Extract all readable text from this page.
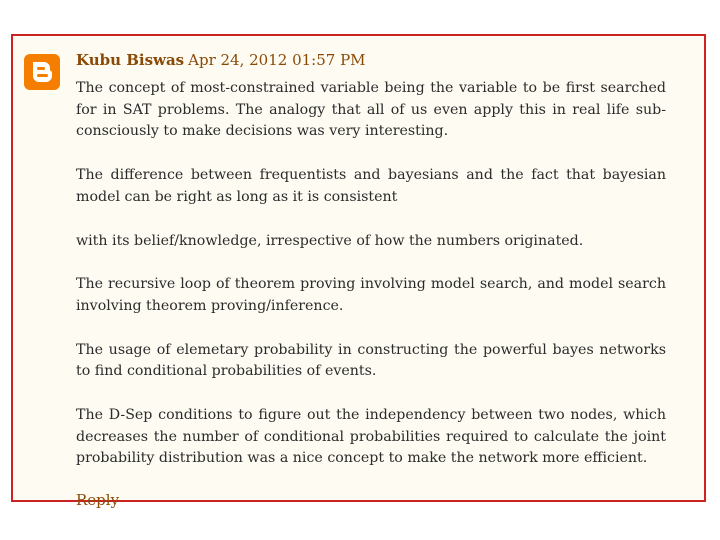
Kubu Biswas Apr 24, 2012 01:57 PM

The concept of most-constrained variable being the variable to be first searched for in SAT problems. The analogy that all of us even apply this in real life sub-consciously to make decisions was very interesting.

The difference between frequentists and bayesians and the fact that bayesian model can be right as long as it is consistent

with its belief/knowledge, irrespective of how the numbers originated.

The recursive loop of theorem proving involving model search, and model search involving theorem proving/inference.

The usage of elemetary probability in constructing the powerful bayes networks to find conditional probabilities of events.

The D-Sep conditions to figure out the independency between two nodes, which decreases the number of conditional probabilities required to calculate the joint probability distribution was a nice concept to make the network more efficient.

Reply
